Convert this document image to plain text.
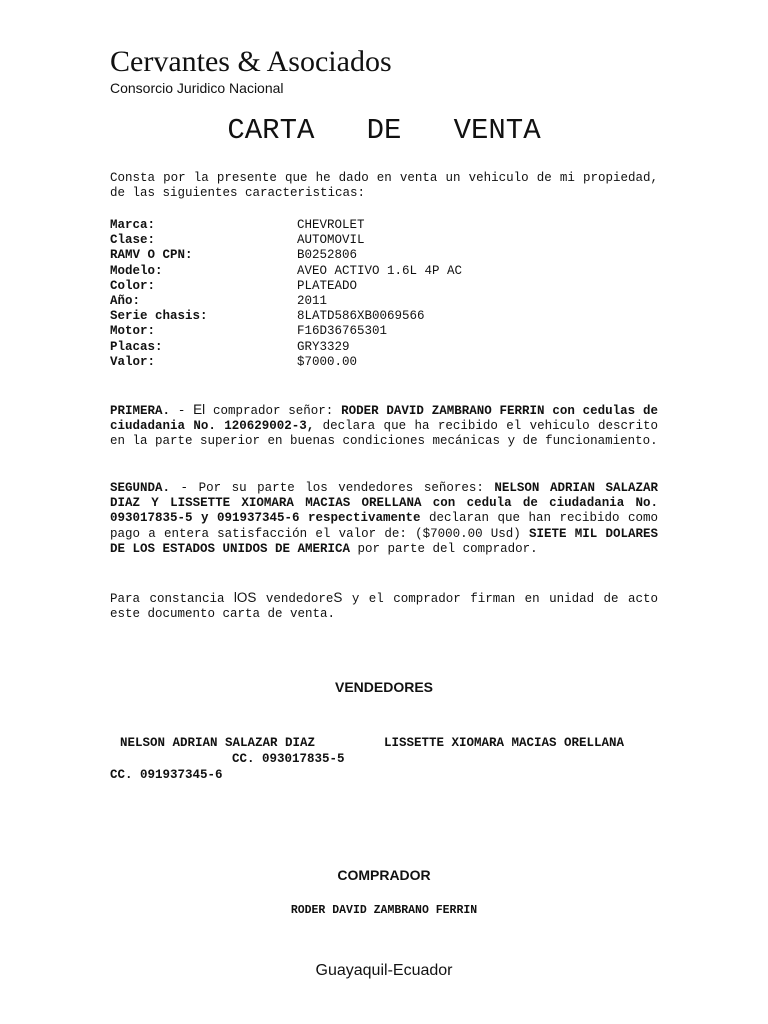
Cervantes & Asociados
Consorcio Juridico Nacional
CARTA   DE   VENTA
Consta por la presente que he dado en venta un vehiculo de mi propiedad, de las siguientes caracteristicas:
Marca:	CHEVROLET
Clase:	AUTOMOVIL
RAMV O CPN:	B0252806
Modelo:	AVEO ACTIVO 1.6L 4P AC
Color:	PLATEADO
Año:	2011
Serie chasis:	8LATD586XB0069566
Motor:	F16D36765301
Placas:	GRY3329
Valor:	$7000.00
PRIMERA. - El comprador señor: RODER DAVID ZAMBRANO FERRIN con cedulas de ciudadania No. 120629002-3, declara que ha recibido el vehiculo descrito en la parte superior en buenas condiciones mecánicas y de funcionamiento.
SEGUNDA. - Por su parte los vendedores señores: NELSON ADRIAN SALAZAR DIAZ Y LISSETTE XIOMARA MACIAS ORELLANA con cedula de ciudadania No. 093017835-5 y 091937345-6 respectivamente declaran que han recibido como pago a entera satisfacción el valor de: ($7000.00 Usd) SIETE MIL DOLARES DE LOS ESTADOS UNIDOS DE AMERICA por parte del comprador.
Para constancia lOS vendedoreS y el comprador firman en unidad de acto este documento carta de venta.
VENDEDORES
NELSON ADRIAN SALAZAR DIAZ	LISSETTE XIOMARA MACIAS ORELLANA
CC. 093017835-5
CC. 091937345-6
COMPRADOR
RODER DAVID ZAMBRANO FERRIN
Guayaquil-Ecuador
